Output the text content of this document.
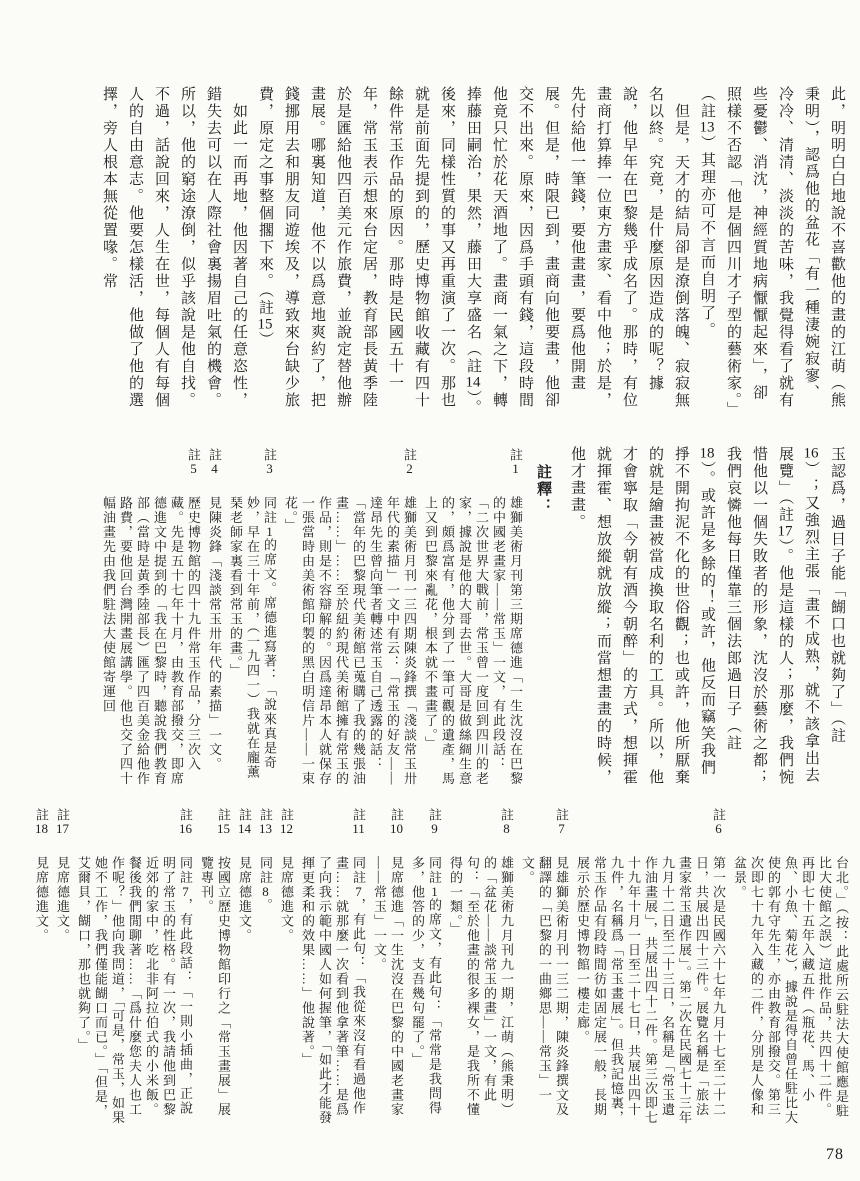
此，明明白白地說不喜歡他的畫的江萌（熊秉明），認爲他的盆花「有一種淒婉寂寥、冷冷、清清、淡淡的苦味，我覺得看了就有些憂鬱、消沈，神經質地病懨懨起來」，卻照樣不否認「他是個四川才子型的藝術家。」（註13）其理亦可不言而自明了。

但是，天才的結局卻是潦倒落魄、寂寂無名以終。究竟，是什麼原因造成的呢？據說，他早年在巴黎幾乎成名了。那時，有位畫商打算捧一位東方畫家、看中他；於是，先付給他一筆錢，要他畫畫，要爲他開畫展。但是，時限已到，畫商向他要畫，他卻交不出來。原來，因爲手頭有錢，這段時間他竟只忙於花天酒地了。畫商一氣之下，轉捧藤田嗣治，果然，藤田大享盛名（註14）。後來，同樣性質的事又再重演了一次。那也就是前面先提到的，歷史博物館收藏有四十餘件常玉作品的原因。那時是民國五十一年，常玉表示想來台定居，教育部長黃季陸於是匯給他四百美元作旅費，並說定替他辦畫展。哪裏知道，他不以爲意地爽約了，把錢挪用去和朋友同遊埃及，導致來台缺少旅費，原定之事整個擱下來。（註15）

如此一而再地，他因著自己的任意恣性，錯失去可以在人際社會裏揚眉吐氣的機會。所以，他的窮途潦倒，似乎該說是他自找。不過，話說回來，人生在世，每個人有每個人的自由意志。他要怎樣活，他做了他的選擇，旁人根本無從置喙。常

玉認爲，過日子能「餬口也就夠了」（註16）；又強烈主張「畫不成熟，就不該拿出去展覽」（註17）。他是這樣的人；那麼，我們惋惜他以一個失敗者的形象，沈沒於藝術之都；我們哀憐他每日僅靠三個法郎過日子（註18）。或許是多餘的！或許，他反而竊笑我們掙不開拘泥不化的世俗觀；也或許，他所厭棄的就是繪畫被當成換取名利的工具。所以，他才會寧取「今朝有酒今朝醉」的方式，想揮霍就揮霍、想放縱就放縱；而當想畫畫的時候，他才畫畫。
註釋：
註1
雄獅美術月刊第三期席德進「一生沈沒在巴黎的中國老畫家——常玉」一文，有此段話：「二次世界大戰前，常玉曾一度回到四川的老家，據說是他的大哥去世。大哥是做絲綢生意的，頗爲富有，他分到了一筆可觀的遺產，馬上又到巴黎來亂花，根本就不畫畫了。」
註2
雄獅美術月刊一三四期陳炎鋒撰「淺談常玉卅年代的素描」一文中有云：「常玉的好友——達昂先生曾向筆者轉述常玉自己透露的話：「當年的巴黎現代美術館已蒐購了我的幾張油畫……」……至於紐約現代美術館擁有常玉的作品，則是不容辯解的。因爲達昂本人就保存一張當時由美術館印製的黑白明信片——一束花。」
註3
同註1的席文。席德進寫著：「說來真是奇妙，早在三十年前，（一九四一）我就在龐薰琹老師家裏看到常玉的畫。」
註4
見陳炎鋒「淺談常玉卅年代的素描」一文。
註5
歷史博物館的四十九件常玉作品，分三次入藏。先是五十七年十月，由教育部撥交，即席德進文中提到的「我在巴黎時，聽說我們教育部（當時是黃季陸部長）匯了四百美金給他作路費，要他回台灣開畫展講學。他也交了四十幅油畫先由我們駐法大使館寄運回
台北。」（按：此處所云駐法大使館應是駐比大使館之誤）這批作品，共四十二件。再即七十五年入藏五件（瓶花、馬、小魚、小魚、菊花），據說是得自曾任駐比大使的郭有守先生，亦由教育部撥交。第三次即七十九年入藏的二件，分別是人像和盆景。
註6
第一次是民國六十七年九月十七至二十二日，共展出四十三件。展覽名稱是「旅法畫家常玉遺作展」。第二次在民國七十三年九月十二日至二十三日，名稱是「常玉遺作油畫展」，共展出四十二件。第三次即七十九年十月一日至二十七日，共展出四十九件，名稱爲「常玉畫展」。但我記憶裏，常玉作品有段時間彷如固定展一般，長期展示於歷史博物館一樓走廊。
註7
見雄獅美術月刊一三二期，陳炎鋒撰文及翻譯的「巴黎的一曲鄉思——常玉」一文。
註8
雄獅美術九月刊九一期，江萌（熊秉明）的「盆花——談常玉的畫」一文，有此句：「至於他畫的很多裸女，是我所不懂得的一類。」
註9
同註1的席文，有此句：「常常是我問得多，他答的少，支吾幾句罷了。」
註10
見席德進「一生沈沒在巴黎的中國老畫家——常玉」一文。
註11
同註7，有此句：「我從來沒有看過他作畫……就那麼一次看到他拿著筆……是爲了向我示範中國人如何握筆，「如此才能發揮更柔和的效果……」他說著。」
註12
見席德進文。
註13
同註8。
註14
見席德進文。
註15
按國立歷史博物館印行之「常玉畫展」展覽專刊。
註16
同註7，有此段話：「一則小插曲，正說明了常玉的性格。有一次，我請他到巴黎近郊的家中，吃北非阿拉伯式的小米飯。餐後我們閒聊著……「爲什麼您夫人也工作呢？」他向我問道，「可是，常玉，如果她不工作，我們僅能餬口而已。」「但是，艾爾貝，餬口，那也就夠了。」
註17
見席德進文。
註18
見席德進文。
78
